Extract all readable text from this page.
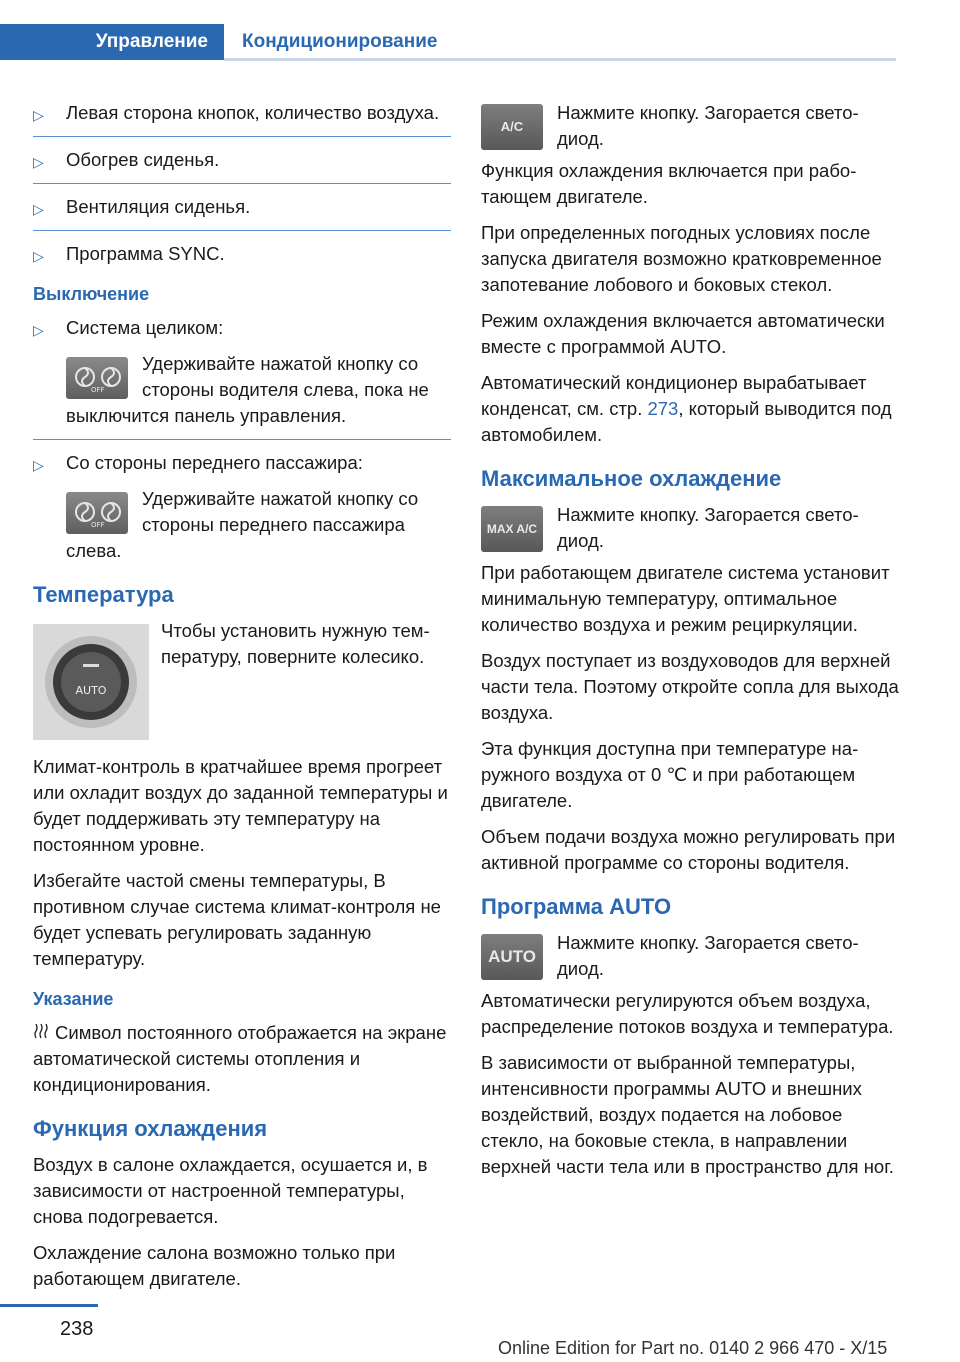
Управление	Кондиционирование
▷ Левая сторона кнопок, количество воздуха.
▷ Обогрев сиденья.
▷ Вентиляция сиденья.
▷ Программа SYNC.
Выключение
▷ Система целиком:
OFF
Удерживайте нажатой кнопку со стороны водителя слева, пока не выключится панель управления.
▷ Со стороны переднего пассажира:
OFF
Удерживайте нажатой кнопку со стороны переднего пассажира слева.
Температура
AUTO
Чтобы установить нужную температуру, поверните колесико.

Климат-контроль в кратчайшее время прогреет или охладит воздух до заданной температуры и будет поддерживать эту температуру на постоянном уровне.

Избегайте частой смены температуры, В противном случае система климат-контроля не будет успевать регулировать заданную температуру.

Указание

Символ постоянного отображается на экране автоматической системы отопления и кондиционирования.

Функция охлаждения

Воздух в салоне охлаждается, осушается и, в зависимости от настроенной температуры, снова подогревается.

Охлаждение салона возможно только при работающем двигателе.

A/C
Нажмите кнопку. Загорается светодиод.

Функция охлаждения включается при работающем двигателе.

При определенных погодных условиях после запуска двигателя возможно кратковременное запотевание лобового и боковых стекол.

Режим охлаждения включается автоматически вместе с программой AUTO.

Автоматический кондиционер вырабатывает конденсат, см. стр. 273, который выводится под автомобилем.

Максимальное охлаждение
MAX A/C
Нажмите кнопку. Загорается светодиод.

При работающем двигателе система установит минимальную температуру, оптимальное количество воздуха и режим рециркуляции.

Воздух поступает из воздуховодов для верхней части тела. Поэтому откройте сопла для выхода воздуха.

Эта функция доступна при температуре наружного воздуха от 0 ℃ и при работающем двигателе.

Объем подачи воздуха можно регулировать при активной программе со стороны водителя.

Программа AUTO
AUTO
Нажмите кнопку. Загорается светодиод.

Автоматически регулируются объем воздуха, распределение потоков воздуха и температура.

В зависимости от выбранной температуры, интенсивности программы AUTO и внешних воздействий, воздух подается на лобовое стекло, на боковые стекла, в направлении верхней части тела или в пространство для ног.

238
Online Edition for Part no. 0140 2 966 470 - X/15
